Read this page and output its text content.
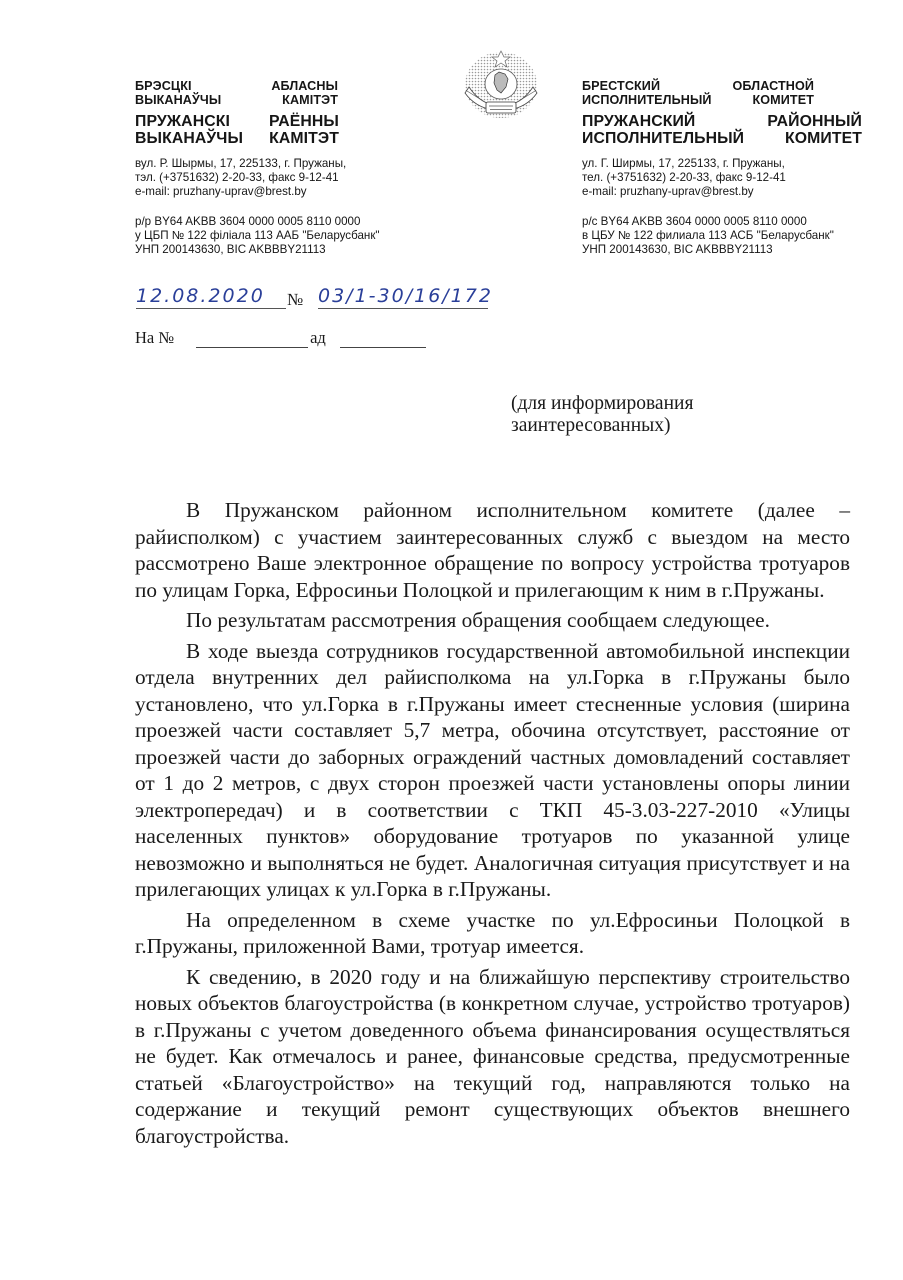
БРЭСЦКІ АБЛАСНЫ
ВЫКАНАЎЧЫ КАМІТЭТ
ПРУЖАНСКІ РАЁННЫ
ВЫКАНАЎЧЫ КАМІТЭТ
вул. Р. Шырмы, 17, 225133, г. Пружаны,
тэл. (+3751632) 2-20-33, факс 9-12-41
e-mail: pruzhany-uprav@brest.by
р/р BY64 AKBB 3604 0000 0005 8110 0000
у ЦБП № 122 філіала 113 ААБ "Беларусбанк"
УНП 200143630, BIC AKBBBY21113
БРЕСТСКИЙ ОБЛАСТНОЙ
ИСПОЛНИТЕЛЬНЫЙ КОМИТЕТ
ПРУЖАНСКИЙ РАЙОННЫЙ
ИСПОЛНИТЕЛЬНЫЙ КОМИТЕТ
ул. Г. Ширмы, 17, 225133, г. Пружаны,
тел. (+3751632) 2-20-33, факс 9-12-41
e-mail: pruzhany-uprav@brest.by
р/с BY64 AKBB 3604 0000 0005 8110 0000
в ЦБУ № 122 филиала 113 АСБ "Беларусбанк"
УНП 200143630, BIC AKBBBY21113
12.08.2020	№ 03/1-30/16/172
На №	ад
(для информирования
заинтересованных)

В Пружанском районном исполнительном комитете (далее – райисполком) с участием заинтересованных служб с выездом на место рассмотрено Ваше электронное обращение по вопросу устройства тротуаров по улицам Горка, Ефросиньи Полоцкой и прилегающим к ним в г.Пружаны.

По результатам рассмотрения обращения сообщаем следующее.

В ходе выезда сотрудников государственной автомобильной инспекции отдела внутренних дел райисполкома на ул.Горка в г.Пружаны было установлено, что ул.Горка в г.Пружаны имеет стесненные условия (ширина проезжей части составляет 5,7 метра, обочина отсутствует, расстояние от проезжей части до заборных ограждений частных домовладений составляет от 1 до 2 метров, с двух сторон проезжей части установлены опоры линии электропередач) и в соответствии с ТКП 45-3.03-227-2010 «Улицы населенных пунктов» оборудование тротуаров по указанной улице невозможно и выполняться не будет. Аналогичная ситуация присутствует и на прилегающих улицах к ул.Горка в г.Пружаны.

На определенном в схеме участке по ул.Ефросиньи Полоцкой в г.Пружаны, приложенной Вами, тротуар имеется.

К сведению, в 2020 году и на ближайшую перспективу строительство новых объектов благоустройства (в конкретном случае, устройство тротуаров) в г.Пружаны с учетом доведенного объема финансирования осуществляться не будет. Как отмечалось и ранее, финансовые средства, предусмотренные статьей «Благоустройство» на текущий год, направляются только на содержание и текущий ремонт существующих объектов внешнего благоустройства.
